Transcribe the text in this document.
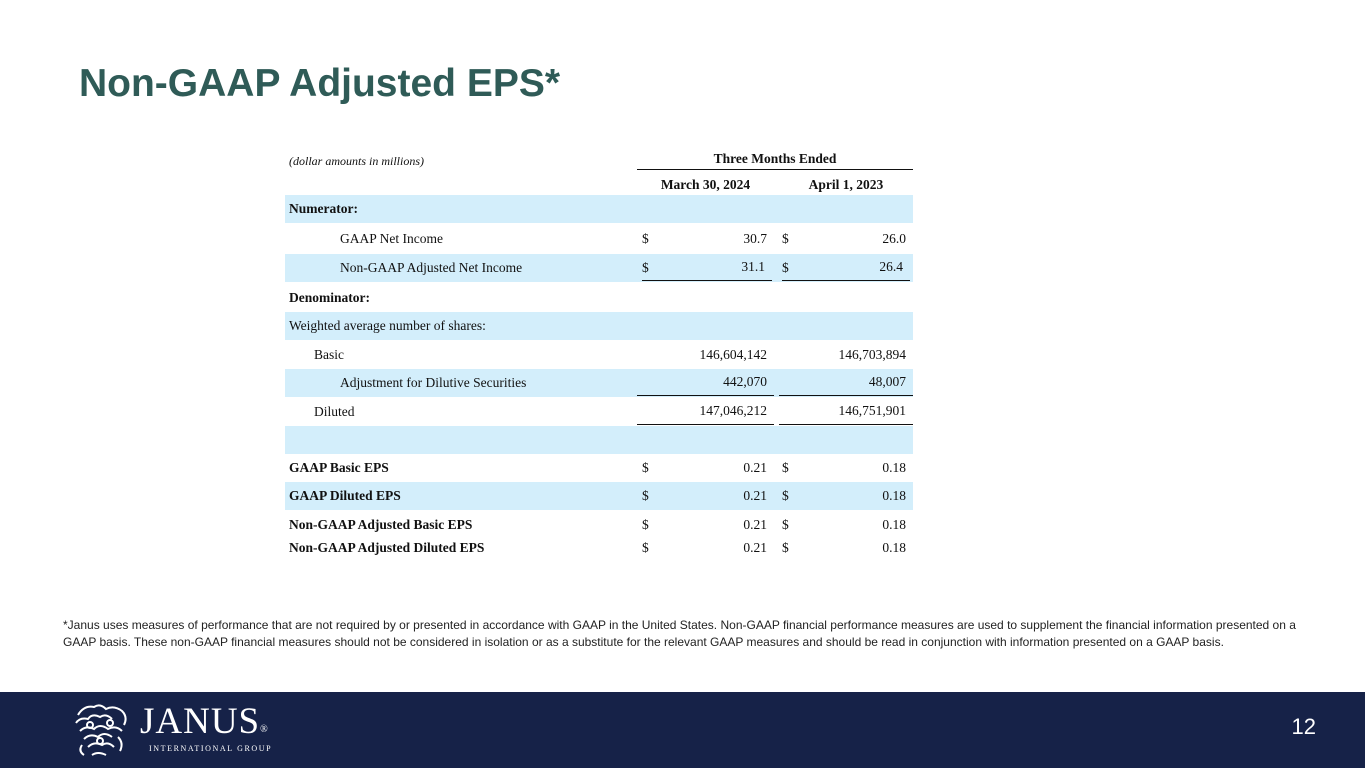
Non-GAAP Adjusted EPS*
(dollar amounts in millions)	Three Months Ended
March 30, 2024	April 1, 2023
Numerator:
GAAP Net Income	$	30.7	$	26.0
Non-GAAP Adjusted Net Income	$	31.1	$	26.4
Denominator:
Weighted average number of shares:
Basic	146,604,142	146,703,894
Adjustment for Dilutive Securities	442,070	48,007
Diluted	147,046,212	146,751,901
GAAP Basic EPS	$	0.21	$	0.18
GAAP Diluted EPS	$	0.21	$	0.18
Non-GAAP Adjusted Basic EPS	$	0.21	$	0.18
Non-GAAP Adjusted Diluted EPS	$	0.21	$	0.18

*Janus uses measures of performance that are not required by or presented in accordance with GAAP in the United States. Non-GAAP financial performance measures are used to supplement the financial information presented on a GAAP basis. These non-GAAP financial measures should not be considered in isolation or as a substitute for the relevant GAAP measures and should be read in conjunction with information presented on a GAAP basis.

JANUS®
INTERNATIONAL GROUP
12
